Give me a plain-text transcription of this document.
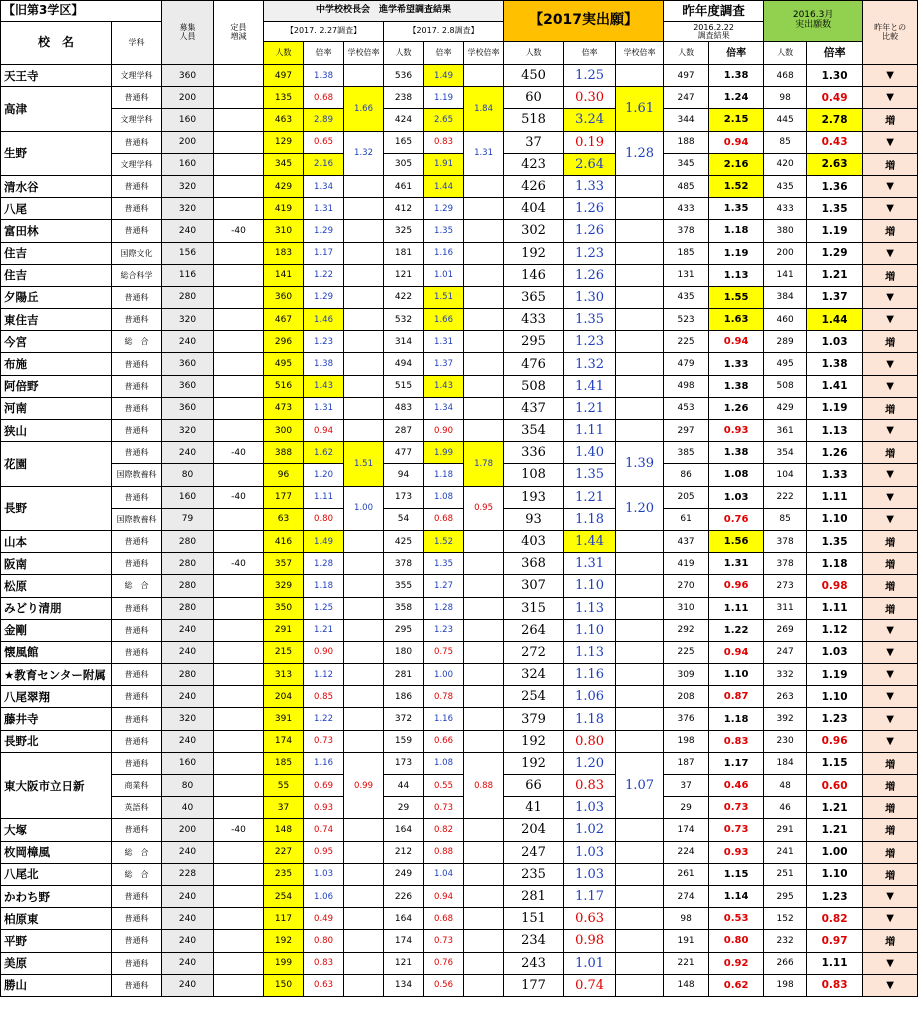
【旧第3学区】		募集
人員	定員
増減	中学校校長会　進学希望調査結果						【2017実出願】			昨年度調査		2016.3月
実出願数		昨年との
比較
校　名	学科			【2017. 2.27調査】			【2017. 2.8調査】						2016.2.22
調査結果				
				人数	倍率	学校倍率	人数	倍率	学校倍率	人数	倍率	学校倍率	人数	倍率	人数	倍率	
天王寺	文理学科	360		497	1.38		536	1.49		450	1.25		497	1.38	468	1.30	▼
高津	普通科	200		135	0.68	1.66	238	1.19	1.84	60	0.30	1.61	247	1.24	98	0.49	▼
	文理学科	160		463	2.89		424	2.65		518	3.24		344	2.15	445	2.78	増
生野	普通科	200		129	0.65	1.32	165	0.83	1.31	37	0.19	1.28	188	0.94	85	0.43	▼
	文理学科	160		345	2.16		305	1.91		423	2.64		345	2.16	420	2.63	増
清水谷	普通科	320		429	1.34		461	1.44		426	1.33		485	1.52	435	1.36	▼
八尾	普通科	320		419	1.31		412	1.29		404	1.26		433	1.35	433	1.35	▼
富田林	普通科	240	-40	310	1.29		325	1.35		302	1.26		378	1.18	380	1.19	増
住吉	国際文化	156		183	1.17		181	1.16		192	1.23		185	1.19	200	1.29	▼
住吉	総合科学	116		141	1.22		121	1.01		146	1.26		131	1.13	141	1.21	増
夕陽丘	普通科	280		360	1.29		422	1.51		365	1.30		435	1.55	384	1.37	▼
東住吉	普通科	320		467	1.46		532	1.66		433	1.35		523	1.63	460	1.44	▼
今宮	総　合	240		296	1.23		314	1.31		295	1.23		225	0.94	289	1.03	増
布施	普通科	360		495	1.38		494	1.37		476	1.32		479	1.33	495	1.38	▼
阿倍野	普通科	360		516	1.43		515	1.43		508	1.41		498	1.38	508	1.41	▼
河南	普通科	360		473	1.31		483	1.34		437	1.21		453	1.26	429	1.19	増
狭山	普通科	320		300	0.94		287	0.90		354	1.11		297	0.93	361	1.13	▼
花園	普通科	240	-40	388	1.62	1.51	477	1.99	1.78	336	1.40	1.39	385	1.38	354	1.26	増
	国際教養科	80		96	1.20		94	1.18		108	1.35		86	1.08	104	1.33	▼
長野	普通科	160	-40	177	1.11	1.00	173	1.08	0.95	193	1.21	1.20	205	1.03	222	1.11	▼
	国際教養科	79		63	0.80		54	0.68		93	1.18		61	0.76	85	1.10	▼
山本	普通科	280		416	1.49		425	1.52		403	1.44		437	1.56	378	1.35	増
阪南	普通科	280	-40	357	1.28		378	1.35		368	1.31		419	1.31	378	1.18	増
松原	総　合	280		329	1.18		355	1.27		307	1.10		270	0.96	273	0.98	増
みどり清朋	普通科	280		350	1.25		358	1.28		315	1.13		310	1.11	311	1.11	増
金剛	普通科	240		291	1.21		295	1.23		264	1.10		292	1.22	269	1.12	▼
懐風館	普通科	240		215	0.90		180	0.75		272	1.13		225	0.94	247	1.03	▼
★教育センター附属	普通科	280		313	1.12		281	1.00		324	1.16		309	1.10	332	1.19	▼
八尾翠翔	普通科	240		204	0.85		186	0.78		254	1.06		208	0.87	263	1.10	▼
藤井寺	普通科	320		391	1.22		372	1.16		379	1.18		376	1.18	392	1.23	▼
長野北	普通科	240		174	0.73		159	0.66		192	0.80		198	0.83	230	0.96	▼
東大阪市立日新	普通科	160		185	1.16	0.99	173	1.08	0.88	192	1.20	1.07	187	1.17	184	1.15	増
	商業科	80		55	0.69		44	0.55		66	0.83		37	0.46	48	0.60	増
	英語科	40		37	0.93		29	0.73		41	1.03		29	0.73	46	1.21	増
大塚	普通科	200	-40	148	0.74		164	0.82		204	1.02		174	0.73	291	1.21	増
枚岡樟風	総　合	240		227	0.95		212	0.88		247	1.03		224	0.93	241	1.00	増
八尾北	総　合	228		235	1.03		249	1.04		235	1.03		261	1.15	251	1.10	増
かわち野	普通科	240		254	1.06		226	0.94		281	1.17		274	1.14	295	1.23	▼
柏原東	普通科	240		117	0.49		164	0.68		151	0.63		98	0.53	152	0.82	▼
平野	普通科	240		192	0.80		174	0.73		234	0.98		191	0.80	232	0.97	増
美原	普通科	240		199	0.83		121	0.76		243	1.01		221	0.92	266	1.11	▼
勝山	普通科	240		150	0.63		134	0.56		177	0.74		148	0.62	198	0.83	▼
